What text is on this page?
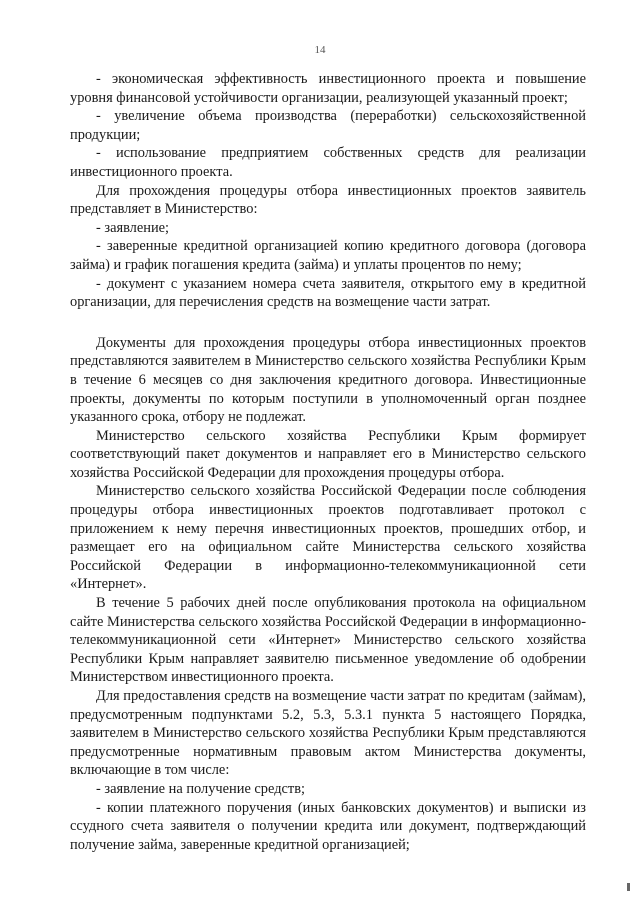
14

- экономическая эффективность инвестиционного проекта и повышение уровня финансовой устойчивости организации, реализующей указанный проект;

- увеличение объема производства (переработки) сельскохозяйственной продукции;

- использование предприятием собственных средств для реализации инвестиционного проекта.

Для прохождения процедуры отбора инвестиционных проектов заявитель представляет в Министерство:

- заявление;

- заверенные кредитной организацией копию кредитного договора (договора займа) и график погашения кредита (займа) и уплаты процентов по нему;

- документ с указанием номера счета заявителя, открытого ему в кредитной организации, для перечисления средств на возмещение части затрат.

Документы для прохождения процедуры отбора инвестиционных проектов представляются заявителем в Министерство сельского хозяйства Республики Крым в течение 6 месяцев со дня заключения кредитного договора. Инвестиционные проекты, документы по которым поступили в уполномоченный орган позднее указанного срока, отбору не подлежат.

Министерство сельского хозяйства Республики Крым формирует соответствующий пакет документов и направляет его в Министерство сельского хозяйства Российской Федерации для прохождения процедуры отбора.

Министерство сельского хозяйства Российской Федерации после соблюдения процедуры отбора инвестиционных проектов подготавливает протокол с приложением к нему перечня инвестиционных проектов, прошедших отбор, и размещает его на официальном сайте Министерства сельского хозяйства Российской Федерации в информационно-телекоммуникационной сети «Интернет».

В течение 5 рабочих дней после опубликования протокола на официальном сайте Министерства сельского хозяйства Российской Федерации в информационно-телекоммуникационной сети «Интернет» Министерство сельского хозяйства Республики Крым направляет заявителю письменное уведомление об одобрении Министерством инвестиционного проекта.

Для предоставления средств на возмещение части затрат по кредитам (займам), предусмотренным подпунктами 5.2, 5.3, 5.3.1 пункта 5 настоящего Порядка, заявителем в Министерство сельского хозяйства Республики Крым представляются предусмотренные нормативным правовым актом Министерства документы, включающие в том числе:

- заявление на получение средств;

- копии платежного поручения (иных банковских документов) и выписки из ссудного счета заявителя о получении кредита или документ, подтверждающий получение займа, заверенные кредитной организацией;
